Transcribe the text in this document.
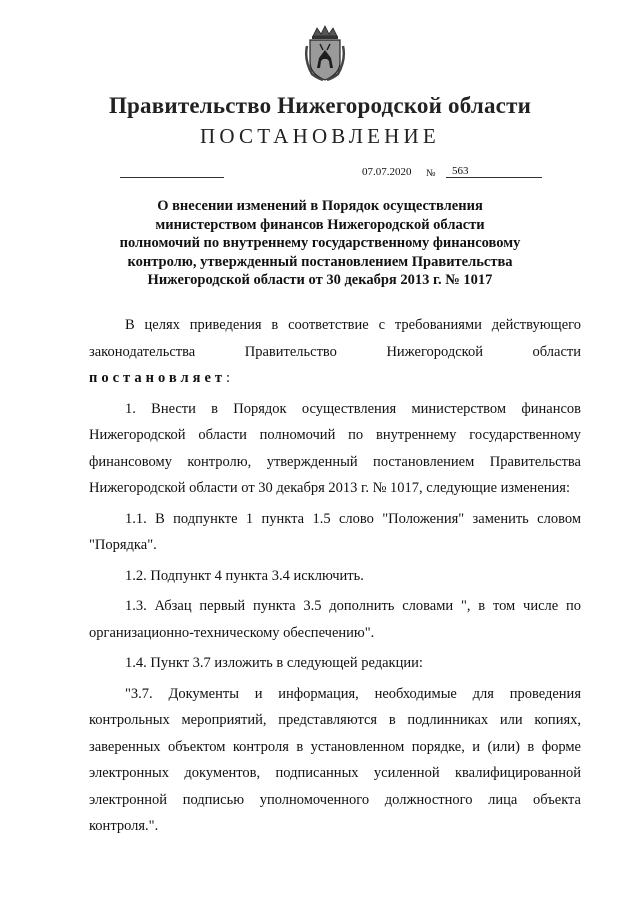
Правительство Нижегородской области
ПОСТАНОВЛЕНИЕ
07.07.2020 № 563
О внесении изменений в Порядок осуществления
министерством финансов Нижегородской области
полномочий по внутреннему государственному финансовому
контролю, утвержденный постановлением Правительства
Нижегородской области от 30 декабря 2013 г. № 1017

В целях приведения в соответствие с требованиями действующего законодательства Правительство Нижегородской области

постановляет:

1. Внести в Порядок осуществления министерством финансов Нижегородской области полномочий по внутреннему государственному финансовому контролю, утвержденный постановлением Правительства Нижегородской области от 30 декабря 2013 г. № 1017, следующие изменения:

1.1. В подпункте 1 пункта 1.5 слово "Положения" заменить словом "Порядка".

1.2. Подпункт 4 пункта 3.4 исключить.

1.3. Абзац первый пункта 3.5 дополнить словами ", в том числе по организационно-техническому обеспечению".

1.4. Пункт 3.7 изложить в следующей редакции:

"3.7. Документы и информация, необходимые для проведения контрольных мероприятий, представляются в подлинниках или копиях, заверенных объектом контроля в установленном порядке, и (или) в форме электронных документов, подписанных усиленной квалифицированной электронной подписью уполномоченного должностного лица объекта контроля.".
